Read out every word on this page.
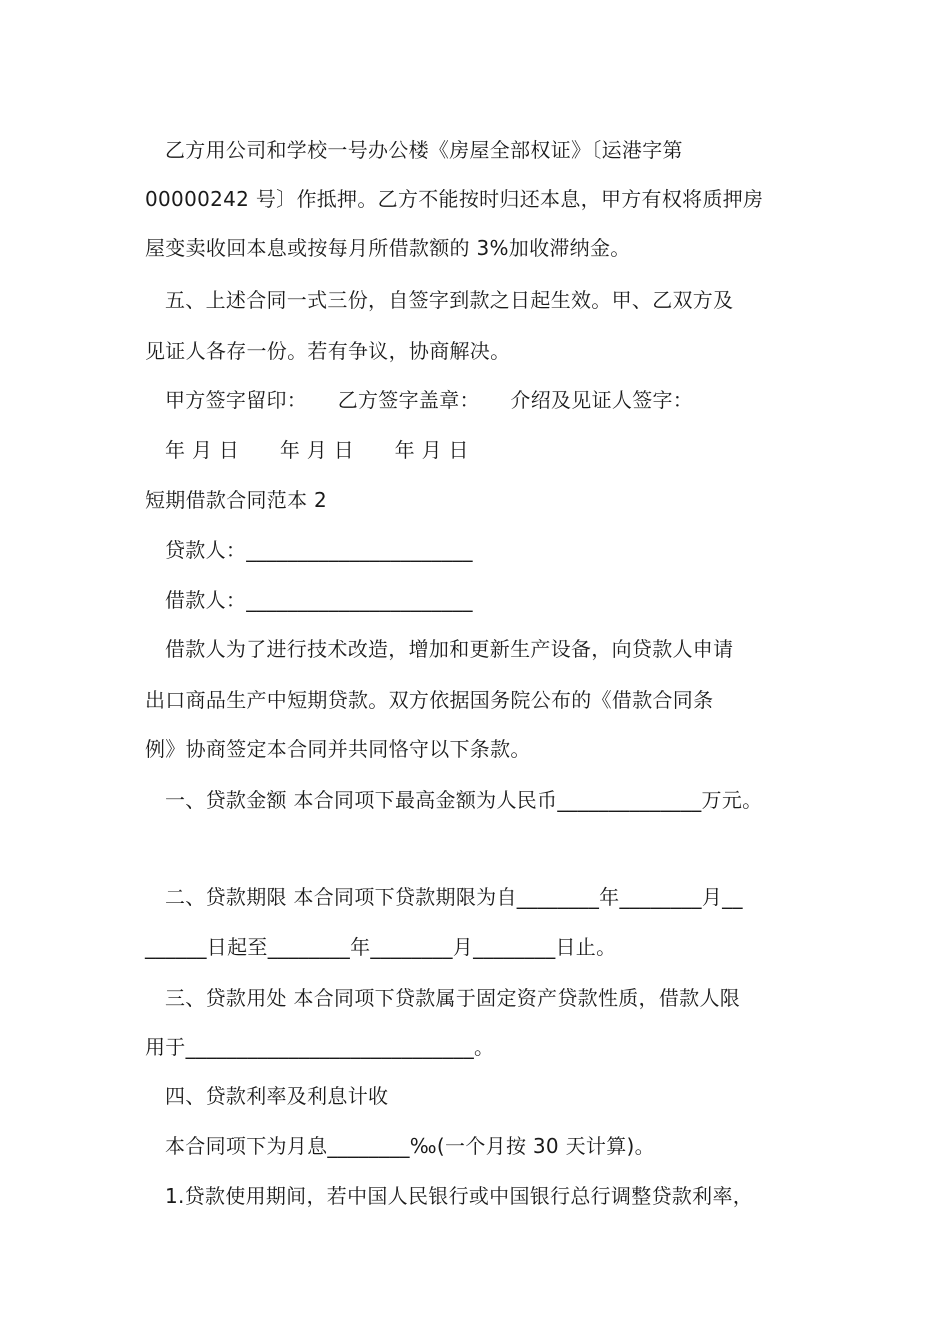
乙方用公司和学校一号办公楼《房屋全部权证》〔运港字第
00000242 号〕作抵押。乙方不能按时归还本息，甲方有权将质押房
屋变卖收回本息或按每月所借款额的 3%加收滞纳金。
五、上述合同一式三份，自签字到款之日起生效。甲、乙双方及
见证人各存一份。若有争议，协商解决。
甲方签字留印：　　乙方签字盖章：　　介绍及见证人签字：
年 月 日　　年 月 日　　年 月 日
短期借款合同范本 2
贷款人：______________________
借款人：______________________
借款人为了进行技术改造，增加和更新生产设备，向贷款人申请
出口商品生产中短期贷款。双方依据国务院公布的《借款合同条
例》协商签定本合同并共同恪守以下条款。
一、贷款金额 本合同项下最高金额为人民币______________万元。
二、贷款期限 本合同项下贷款期限为自________年________月__
______日起至________年________月________日止。
三、贷款用处 本合同项下贷款属于固定资产贷款性质，借款人限
用于____________________________。
四、贷款利率及利息计收
本合同项下为月息________‰(一个月按 30 天计算)。
1.贷款使用期间，若中国人民银行或中国银行总行调整贷款利率，
